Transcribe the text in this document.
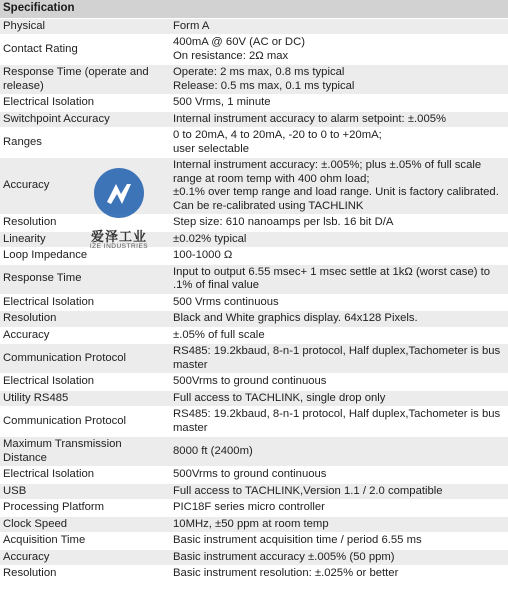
Specification	
Physical	Form A

Contact Rating	400mA @ 60V (AC or DC)
On resistance: 2Ω max

Response Time (operate and release)	Operate: 2 ms max, 0.8 ms typical
Release: 0.5 ms max, 0.1 ms typical

Electrical Isolation	500 Vrms, 1 minute

Switchpoint Accuracy	Internal instrument accuracy to alarm setpoint: ±.005%

Ranges	0 to 20mA, 4 to 20mA, -20 to 0 to +20mA;
user selectable

Accuracy	Internal instrument accuracy: ±.005%; plus ±.05% of full scale range at room temp with 400 ohm load;
±0.1% over temp range and load range. Unit is factory calibrated. Can be re-calibrated using TACHLINK

Resolution	Step size: 610 nanoamps per lsb. 16 bit D/A

Linearity	±0.02% typical

Loop Impedance	100-1000 Ω

Response Time	Input to output 6.55 msec+ 1 msec settle at 1kΩ (worst case) to .1% of final value

Electrical Isolation	500 Vrms continuous

Resolution	Black and White graphics display. 64x128 Pixels.

Accuracy	±.05% of full scale

Communication Protocol	RS485: 19.2kbaud, 8-n-1 protocol, Half duplex,Tachometer is bus master

Electrical Isolation	500Vrms to ground continuous

Utility RS485	Full access to TACHLINK, single drop only

Communication Protocol	RS485: 19.2kbaud, 8-n-1 protocol, Half duplex,Tachometer is bus master

Maximum Transmission Distance	8000 ft (2400m)

Electrical Isolation	500Vrms to ground continuous

USB	Full access to TACHLINK,Version 1.1 / 2.0 compatible

Processing Platform	PIC18F series micro controller

Clock Speed	10MHz, ±50 ppm at room temp

Acquisition Time	Basic instrument acquisition time / period 6.55 ms

Accuracy	Basic instrument accuracy ±.005% (50 ppm)

Resolution	Basic instrument resolution: ±.025% or better
爱泽工业
IZE INDUSTRIES
